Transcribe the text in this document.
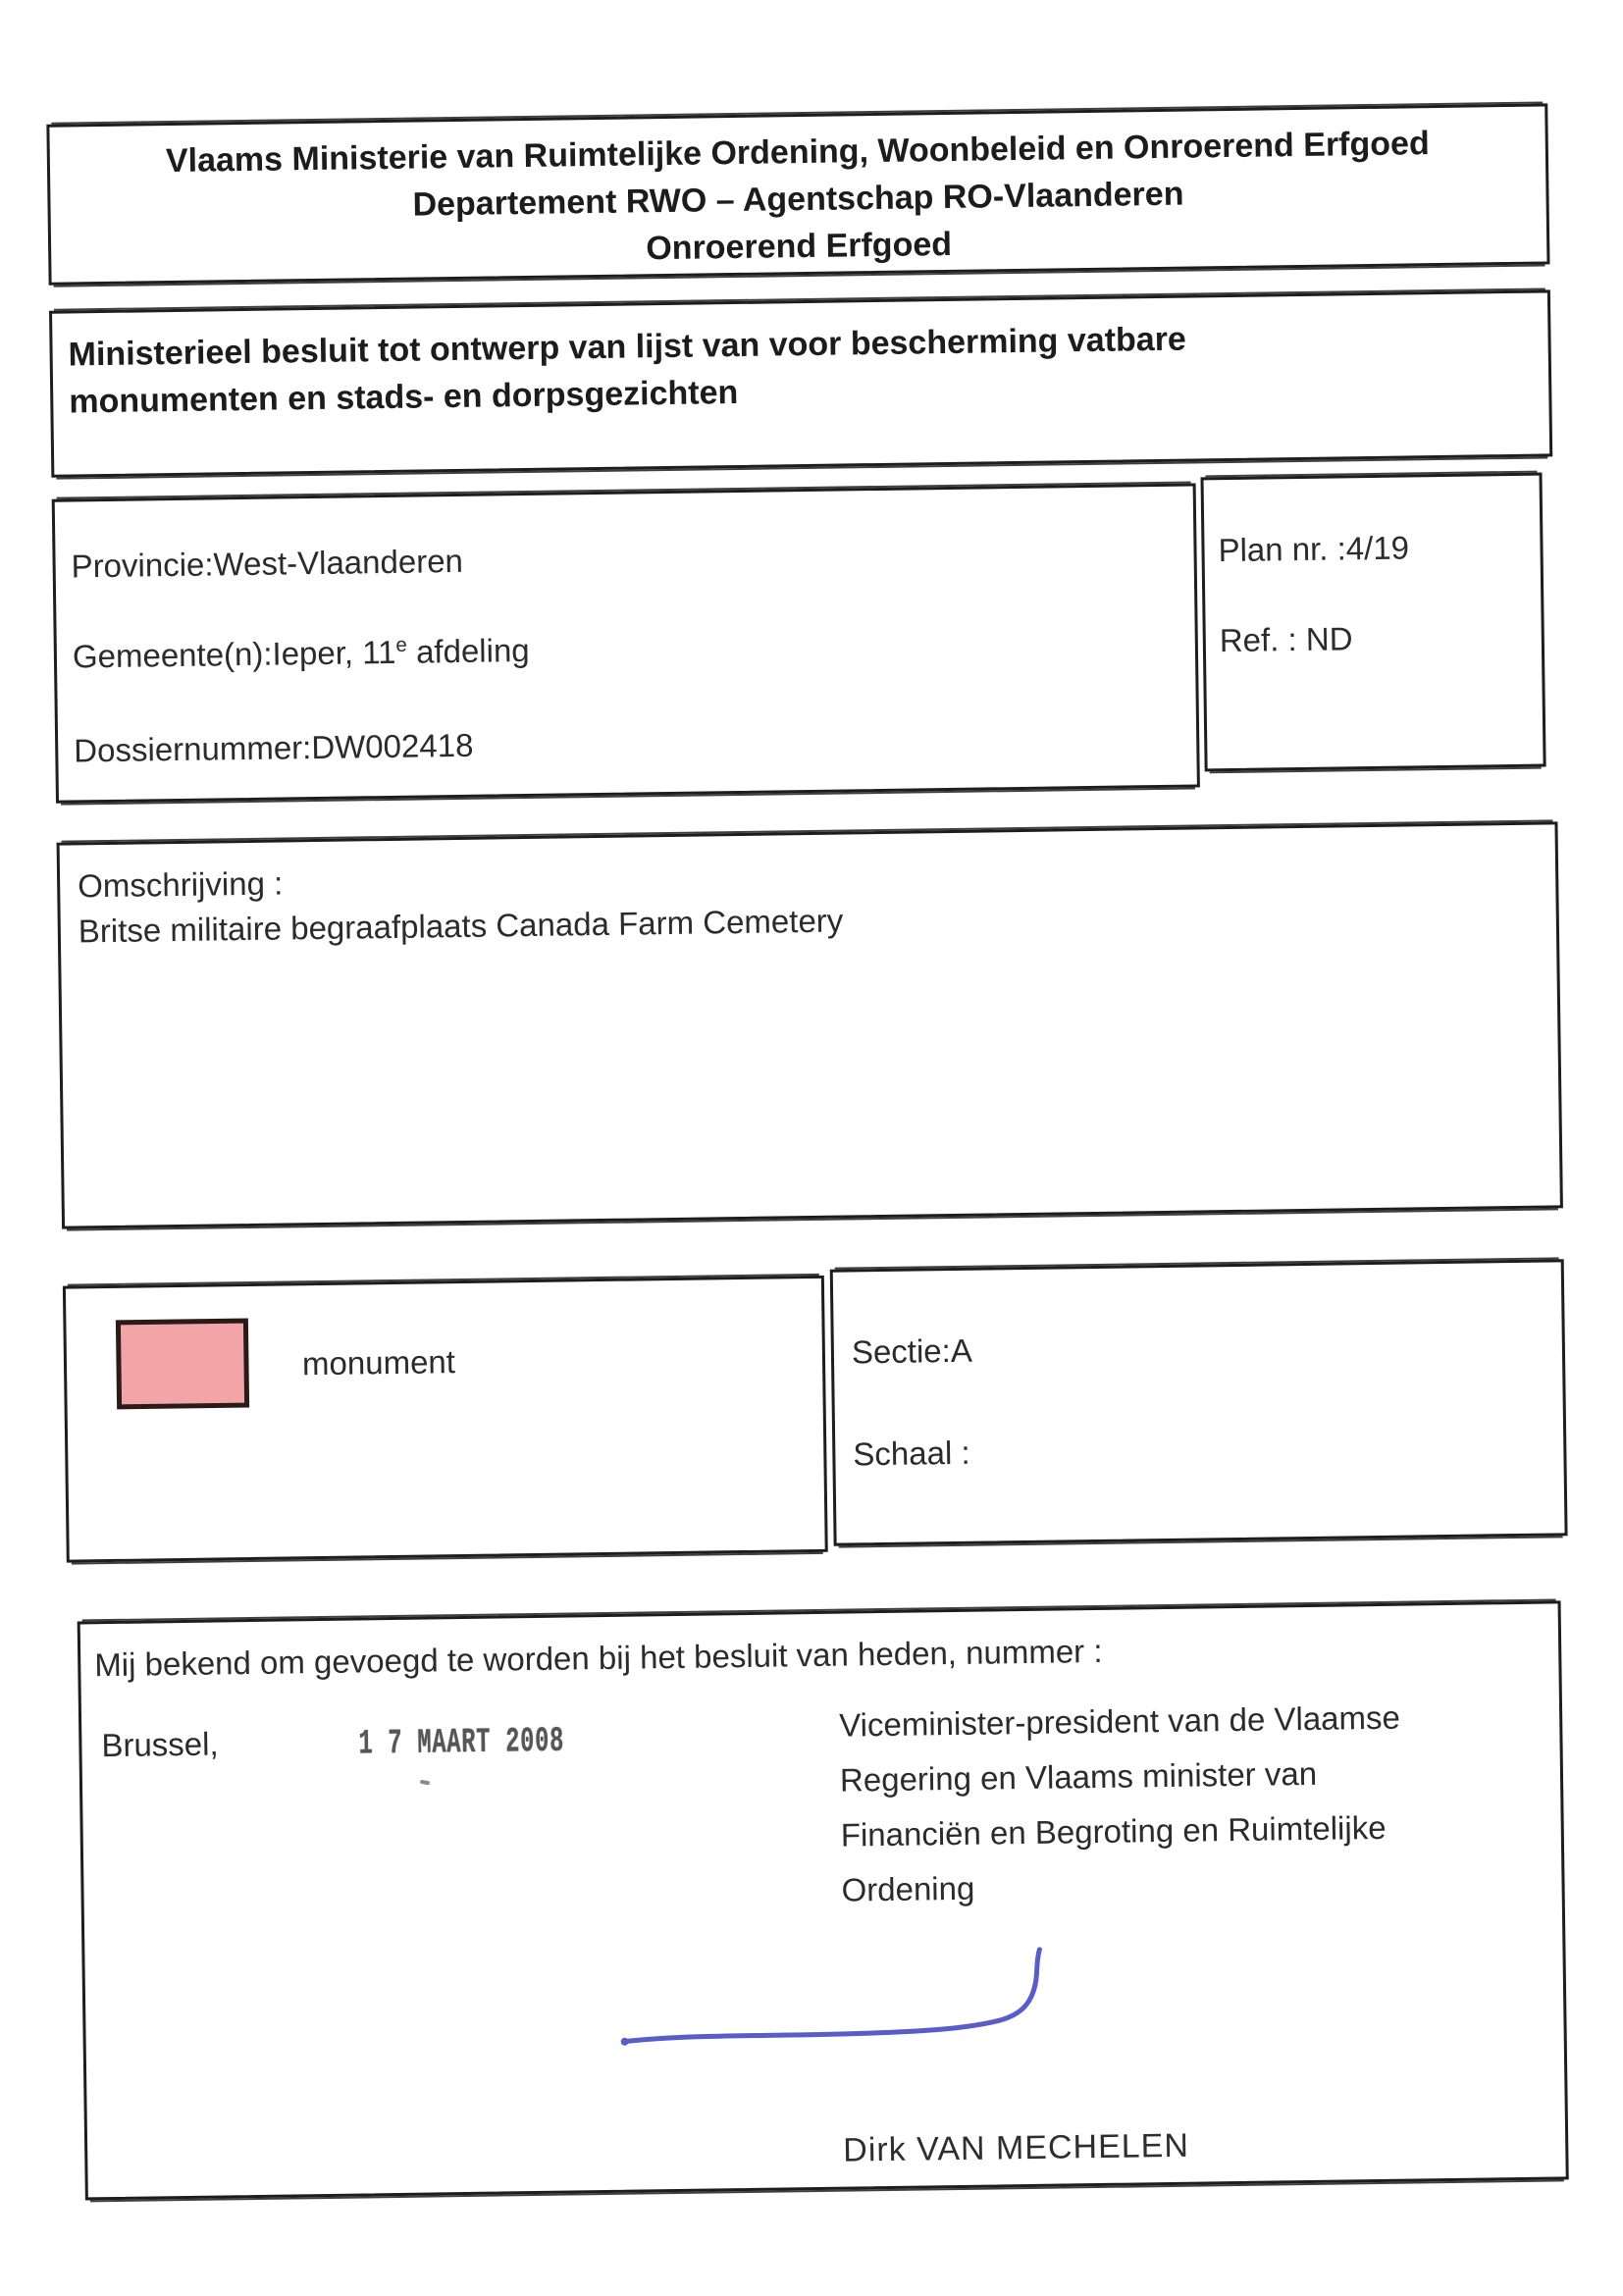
Vlaams Ministerie van Ruimtelijke Ordening, Woonbeleid en Onroerend Erfgoed
Departement RWO – Agentschap RO-Vlaanderen
Onroerend Erfgoed
Ministerieel besluit tot ontwerp van lijst van voor bescherming vatbare
monumenten en stads- en dorpsgezichten
Provincie:West-Vlaanderen
Gemeente(n):Ieper, 11e afdeling
Dossiernummer:DW002418
Plan nr. :4/19
Ref. : ND
Omschrijving :
Britse militaire begraafplaats Canada Farm Cemetery
monument	Sectie:A
Schaal :
Mij bekend om gevoegd te worden bij het besluit van heden, nummer :
Brussel,	1 7 MAART 2008	Viceminister-president van de Vlaamse
Regering en Vlaams minister van
Financiën en Begroting en Ruimtelijke
Ordening
Dirk VAN MECHELEN
